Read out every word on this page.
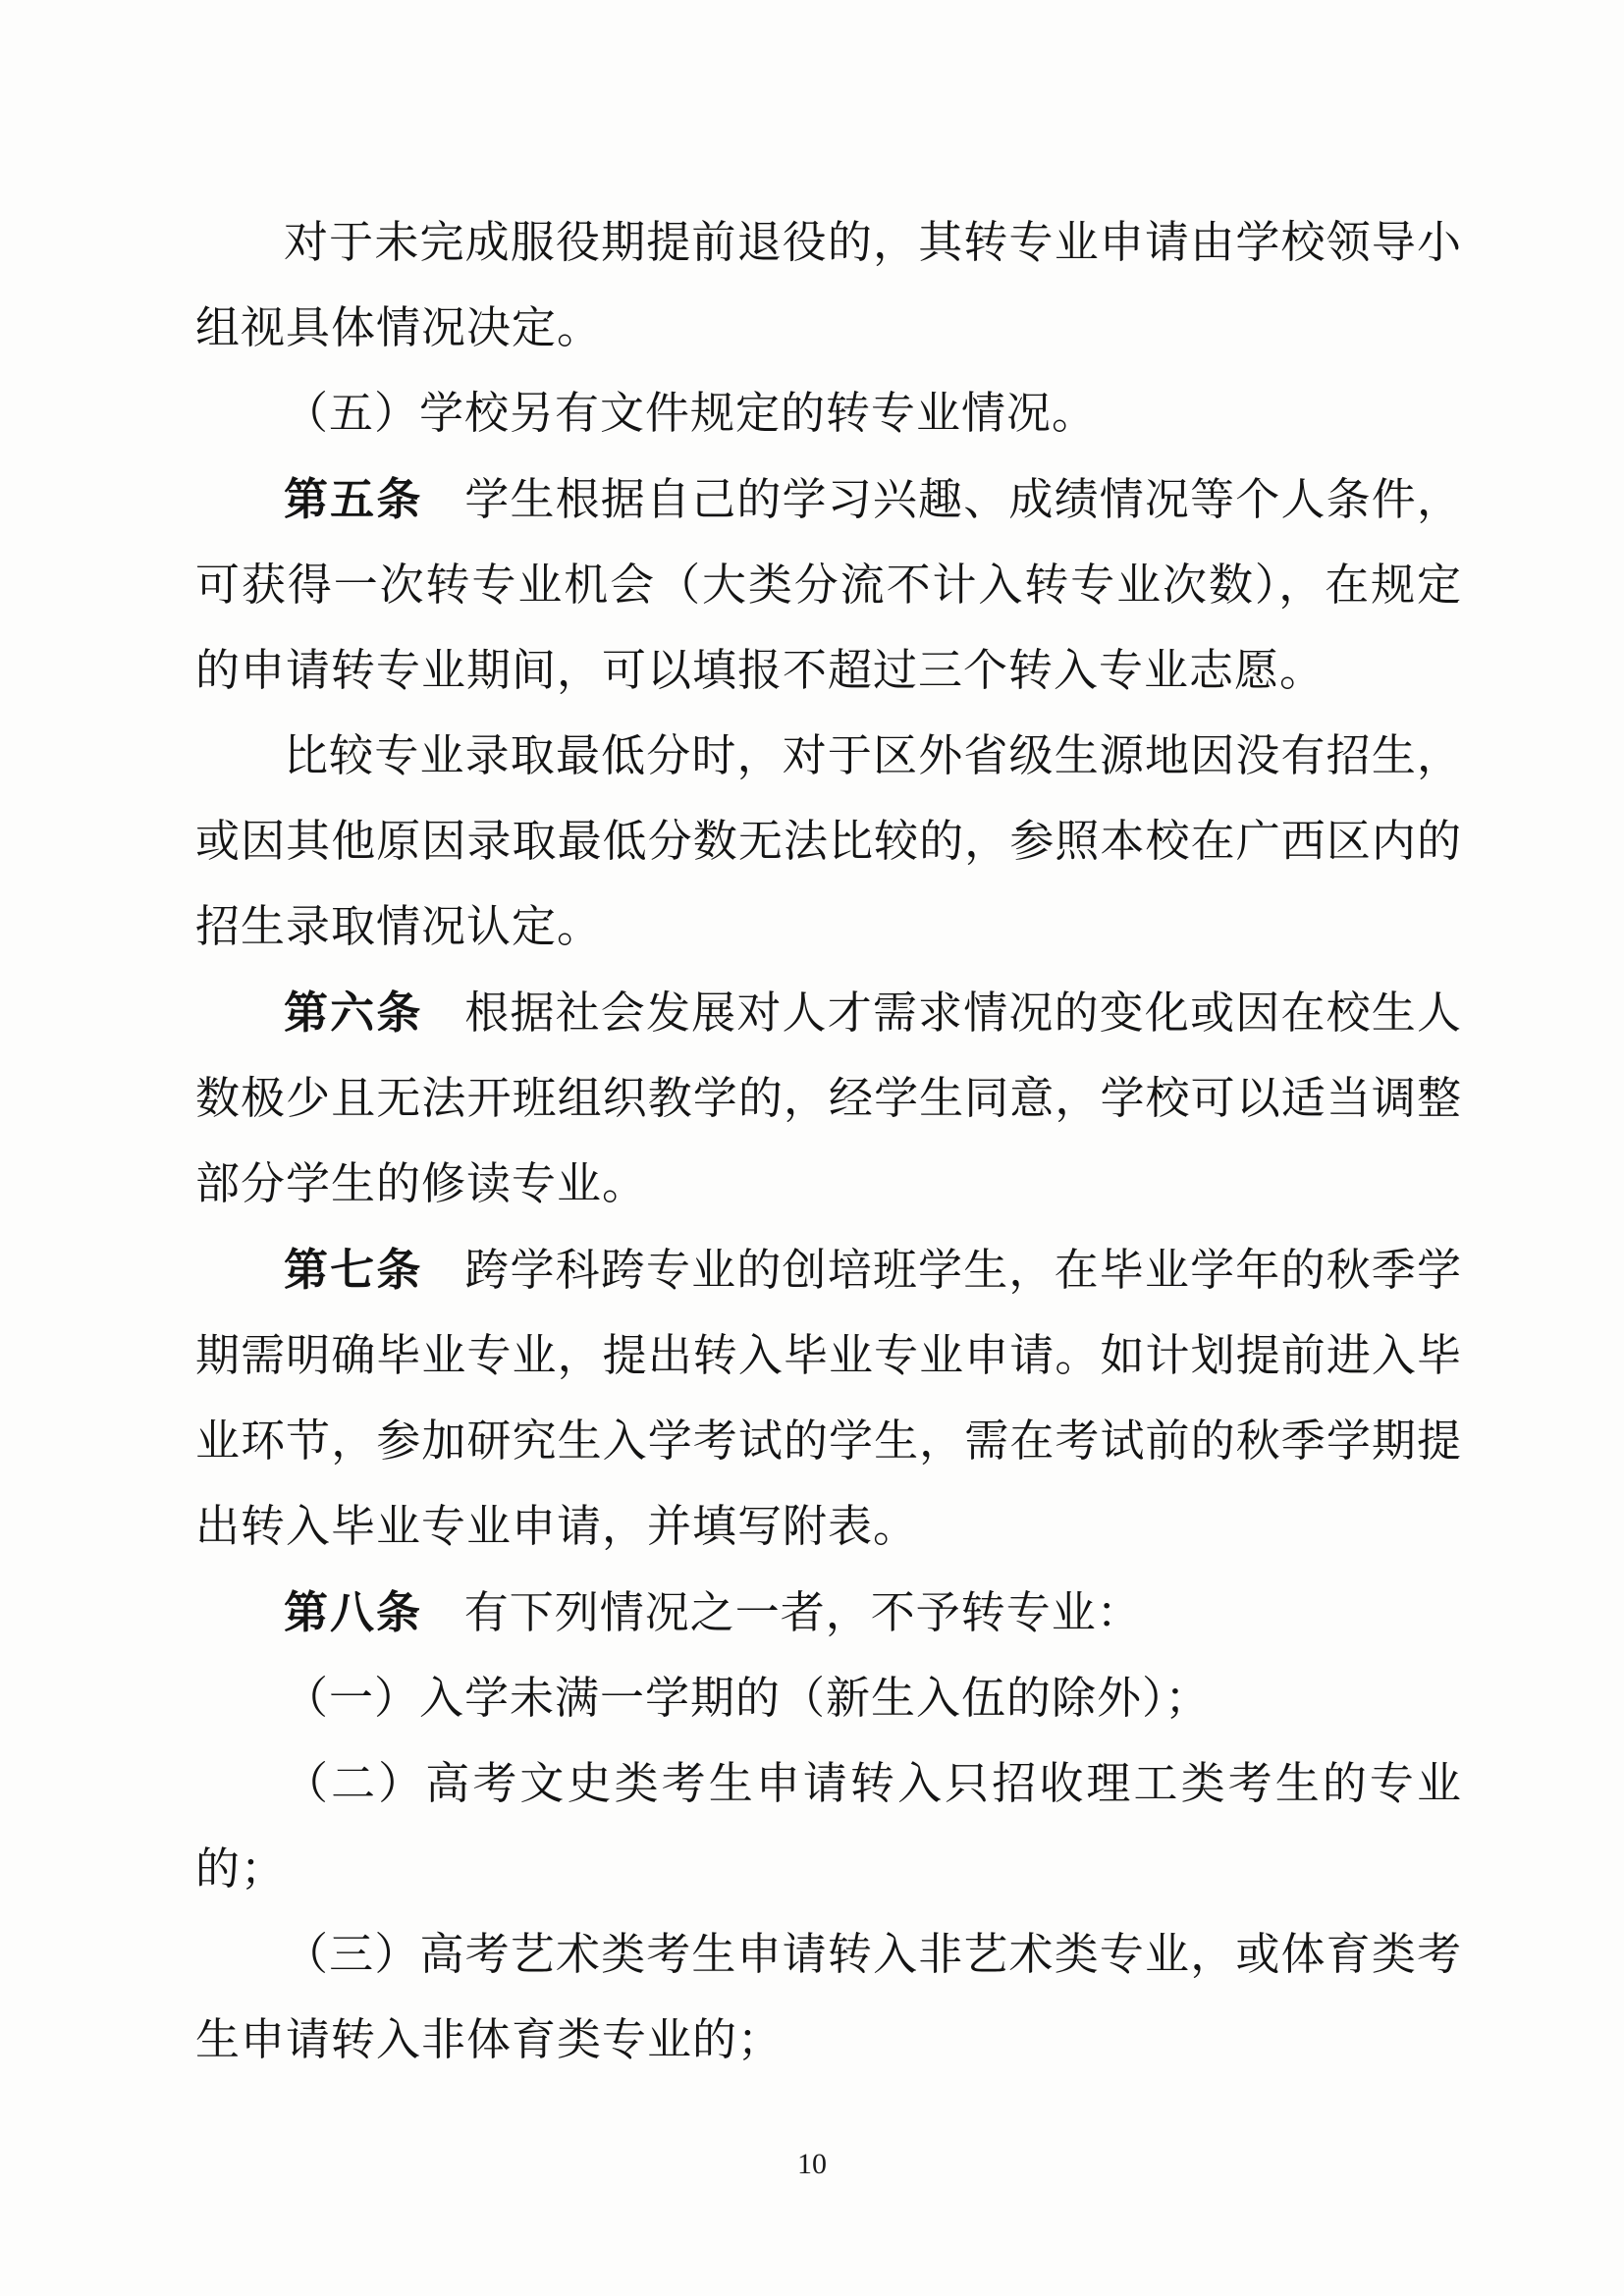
对于未完成服役期提前退役的，其转专业申请由学校领导小组视具体情况决定。

（五）学校另有文件规定的转专业情况。

第五条 学生根据自己的学习兴趣、成绩情况等个人条件，可获得一次转专业机会（大类分流不计入转专业次数），在规定的申请转专业期间，可以填报不超过三个转入专业志愿。

比较专业录取最低分时，对于区外省级生源地因没有招生，或因其他原因录取最低分数无法比较的，参照本校在广西区内的招生录取情况认定。

第六条 根据社会发展对人才需求情况的变化或因在校生人数极少且无法开班组织教学的，经学生同意，学校可以适当调整部分学生的修读专业。

第七条 跨学科跨专业的创培班学生，在毕业学年的秋季学期需明确毕业专业，提出转入毕业专业申请。如计划提前进入毕业环节，参加研究生入学考试的学生，需在考试前的秋季学期提出转入毕业专业申请，并填写附表。

第八条 有下列情况之一者，不予转专业：

（一）入学未满一学期的（新生入伍的除外）；

（二）高考文史类考生申请转入只招收理工类考生的专业的；

（三）高考艺术类考生申请转入非艺术类专业，或体育类考生申请转入非体育类专业的；

10
